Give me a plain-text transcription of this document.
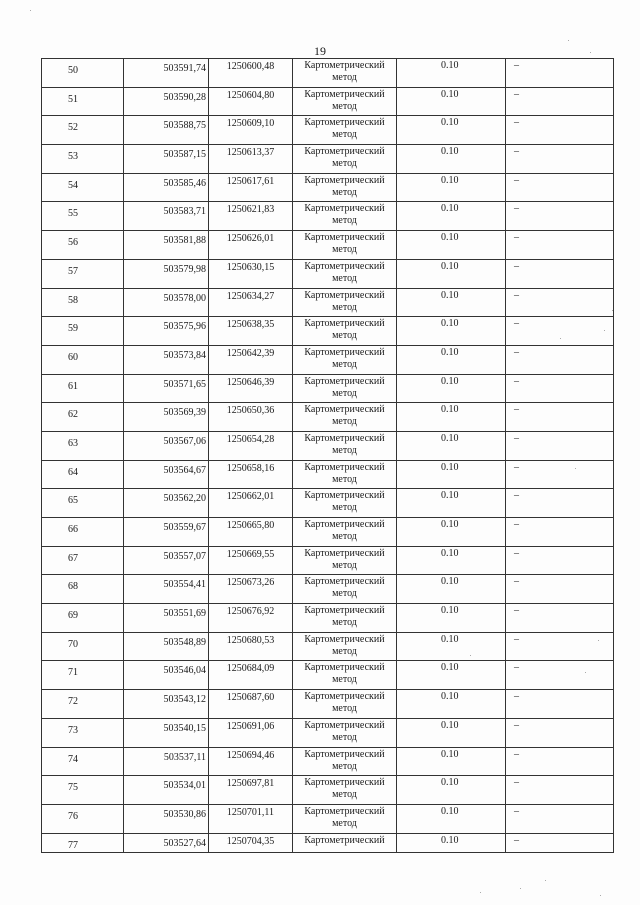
19
50	503591,74	1250600,48	Картометрический метод	0.10	–
51	503590,28	1250604,80	Картометрический метод	0.10	–
52	503588,75	1250609,10	Картометрический метод	0.10	–
53	503587,15	1250613,37	Картометрический метод	0.10	–
54	503585,46	1250617,61	Картометрический метод	0.10	–
55	503583,71	1250621,83	Картометрический метод	0.10	–
56	503581,88	1250626,01	Картометрический метод	0.10	–
57	503579,98	1250630,15	Картометрический метод	0.10	–
58	503578,00	1250634,27	Картометрический метод	0.10	–
59	503575,96	1250638,35	Картометрический метод	0.10	–
60	503573,84	1250642,39	Картометрический метод	0.10	–
61	503571,65	1250646,39	Картометрический метод	0.10	–
62	503569,39	1250650,36	Картометрический метод	0.10	–
63	503567,06	1250654,28	Картометрический метод	0.10	–
64	503564,67	1250658,16	Картометрический метод	0.10	–
65	503562,20	1250662,01	Картометрический метод	0.10	–
66	503559,67	1250665,80	Картометрический метод	0.10	–
67	503557,07	1250669,55	Картометрический метод	0.10	–
68	503554,41	1250673,26	Картометрический метод	0.10	–
69	503551,69	1250676,92	Картометрический метод	0.10	–
70	503548,89	1250680,53	Картометрический метод	0.10	–
71	503546,04	1250684,09	Картометрический метод	0.10	–
72	503543,12	1250687,60	Картометрический метод	0.10	–
73	503540,15	1250691,06	Картометрический метод	0.10	–
74	503537,11	1250694,46	Картометрический метод	0.10	–
75	503534,01	1250697,81	Картометрический метод	0.10	–
76	503530,86	1250701,11	Картометрический метод	0.10	–
77	503527,64	1250704,35	Картометрический	0.10	–
